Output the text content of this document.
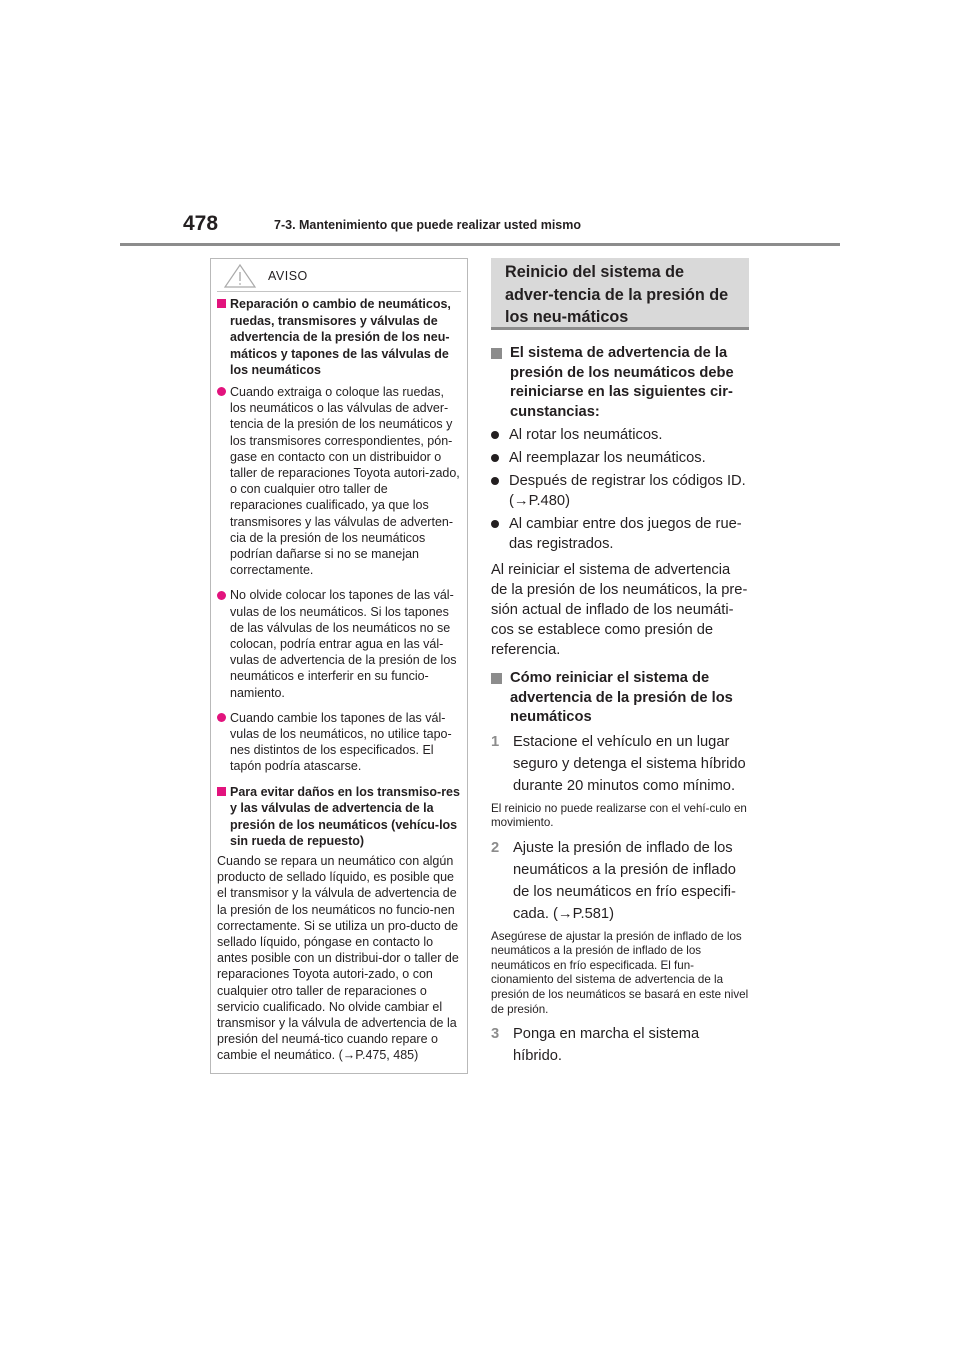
478	7-3. Mantenimiento que puede realizar usted mismo
AVISO
Reparación o cambio de neumáticos, ruedas, transmisores y válvulas de advertencia de la presión de los neu-máticos y tapones de las válvulas de los neumáticos
Cuando extraiga o coloque las ruedas, los neumáticos o las válvulas de adver-tencia de la presión de los neumáticos y los transmisores correspondientes, pón-gase en contacto con un distribuidor o taller de reparaciones Toyota autori-zado, o con cualquier otro taller de reparaciones cualificado, ya que los transmisores y las válvulas de adverten-cia de la presión de los neumáticos podrían dañarse si no se manejan correctamente.
No olvide colocar los tapones de las vál-vulas de los neumáticos. Si los tapones de las válvulas de los neumáticos no se colocan, podría entrar agua en las vál-vulas de advertencia de la presión de los neumáticos e interferir en su funcio-namiento.
Cuando cambie los tapones de las vál-vulas de los neumáticos, no utilice tapo-nes distintos de los especificados. El tapón podría atascarse.
Para evitar daños en los transmiso-res y las válvulas de advertencia de la presión de los neumáticos (vehícu-los sin rueda de repuesto)
Cuando se repara un neumático con algún producto de sellado líquido, es posible que el transmisor y la válvula de advertencia de la presión de los neumáticos no funcio-nen correctamente. Si se utiliza un pro-ducto de sellado líquido, póngase en contacto lo antes posible con un distribui-dor o taller de reparaciones Toyota autori-zado, o con cualquier otro taller de reparaciones o servicio cualificado. No olvide cambiar el transmisor y la válvula de advertencia de la presión del neumá-tico cuando repare o cambie el neumático. (→P.475, 485)
Reinicio del sistema de adver-tencia de la presión de los neu-máticos
El sistema de advertencia de la presión de los neumáticos debe reiniciarse en las siguientes cir-cunstancias:
Al rotar los neumáticos.
Al reemplazar los neumáticos.
Después de registrar los códigos ID. (→P.480)
Al cambiar entre dos juegos de rue-das registrados.
Al reiniciar el sistema de advertencia de la presión de los neumáticos, la pre-sión actual de inflado de los neumáti-cos se establece como presión de referencia.
Cómo reiniciar el sistema de advertencia de la presión de los neumáticos
1 Estacione el vehículo en un lugar seguro y detenga el sistema híbrido durante 20 minutos como mínimo.
El reinicio no puede realizarse con el vehí-culo en movimiento.
2 Ajuste la presión de inflado de los neumáticos a la presión de inflado de los neumáticos en frío especifi-cada. (→P.581)
Asegúrese de ajustar la presión de inflado de los neumáticos a la presión de inflado de los neumáticos en frío especificada. El fun-cionamiento del sistema de advertencia de la presión de los neumáticos se basará en este nivel de presión.
3 Ponga en marcha el sistema híbrido.
